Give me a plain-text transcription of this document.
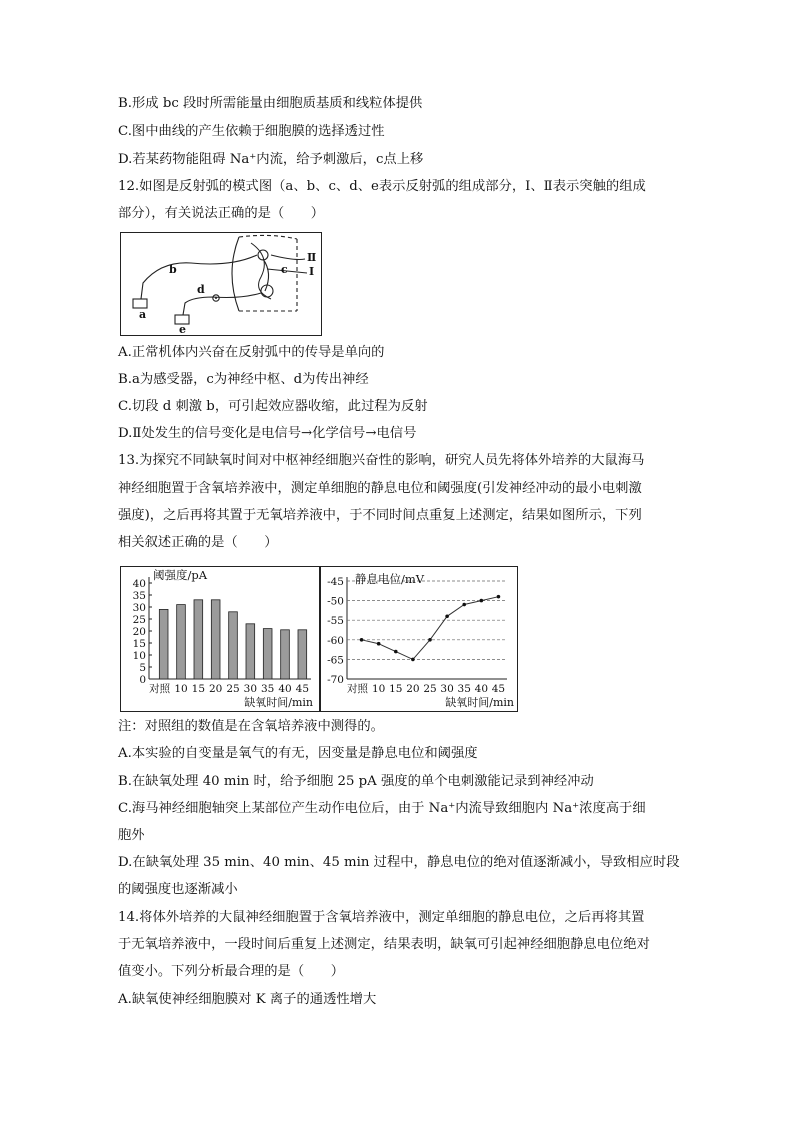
B.形成 bc 段时所需能量由细胞质基质和线粒体提供
C.图中曲线的产生依赖于细胞膜的选择透过性
D.若某药物能阻碍 Na⁺内流，给予刺激后，c点上移
12.如图是反射弧的模式图（a、b、c、d、e表示反射弧的组成部分，Ⅰ、Ⅱ表示突触的组成
部分），有关说法正确的是（　　）
a
b	c
d
e
Ⅱ
Ⅰ
A.正常机体内兴奋在反射弧中的传导是单向的
B.a为感受器，c为神经中枢、d为传出神经
C.切段 d 刺激 b，可引起效应器收缩，此过程为反射
D.Ⅱ处发生的信号变化是电信号→化学信号→电信号
13.为探究不同缺氧时间对中枢神经细胞兴奋性的影响，研究人员先将体外培养的大鼠海马
神经细胞置于含氧培养液中，测定单细胞的静息电位和阈强度(引发神经冲动的最小电刺激
强度)，之后再将其置于无氧培养液中，于不同时间点重复上述测定，结果如图所示，下列
相关叙述正确的是（　　）
40
35
30
25
20
15
10
5
0
阈强度/pA
对照 10 15 20 25 30 35 40 45
缺氧时间/min
-45
-50
-55
-60
-65
-70
静息电位/mV
对照 10 15 20 25 30 35 40 45
缺氧时间/min
注：对照组的数值是在含氧培养液中测得的。
A.本实验的自变量是氧气的有无，因变量是静息电位和阈强度
B.在缺氧处理 40 min 时，给予细胞 25 pA 强度的单个电刺激能记录到神经冲动
C.海马神经细胞轴突上某部位产生动作电位后，由于 Na⁺内流导致细胞内 Na⁺浓度高于细
胞外
D.在缺氧处理 35 min、40 min、45 min 过程中，静息电位的绝对值逐渐减小，导致相应时段
的阈强度也逐渐减小
14.将体外培养的大鼠神经细胞置于含氧培养液中，测定单细胞的静息电位，之后再将其置
于无氧培养液中，一段时间后重复上述测定，结果表明，缺氧可引起神经细胞静息电位绝对
值变小。下列分析最合理的是（　　）
A.缺氧使神经细胞膜对 K 离子的通透性增大
